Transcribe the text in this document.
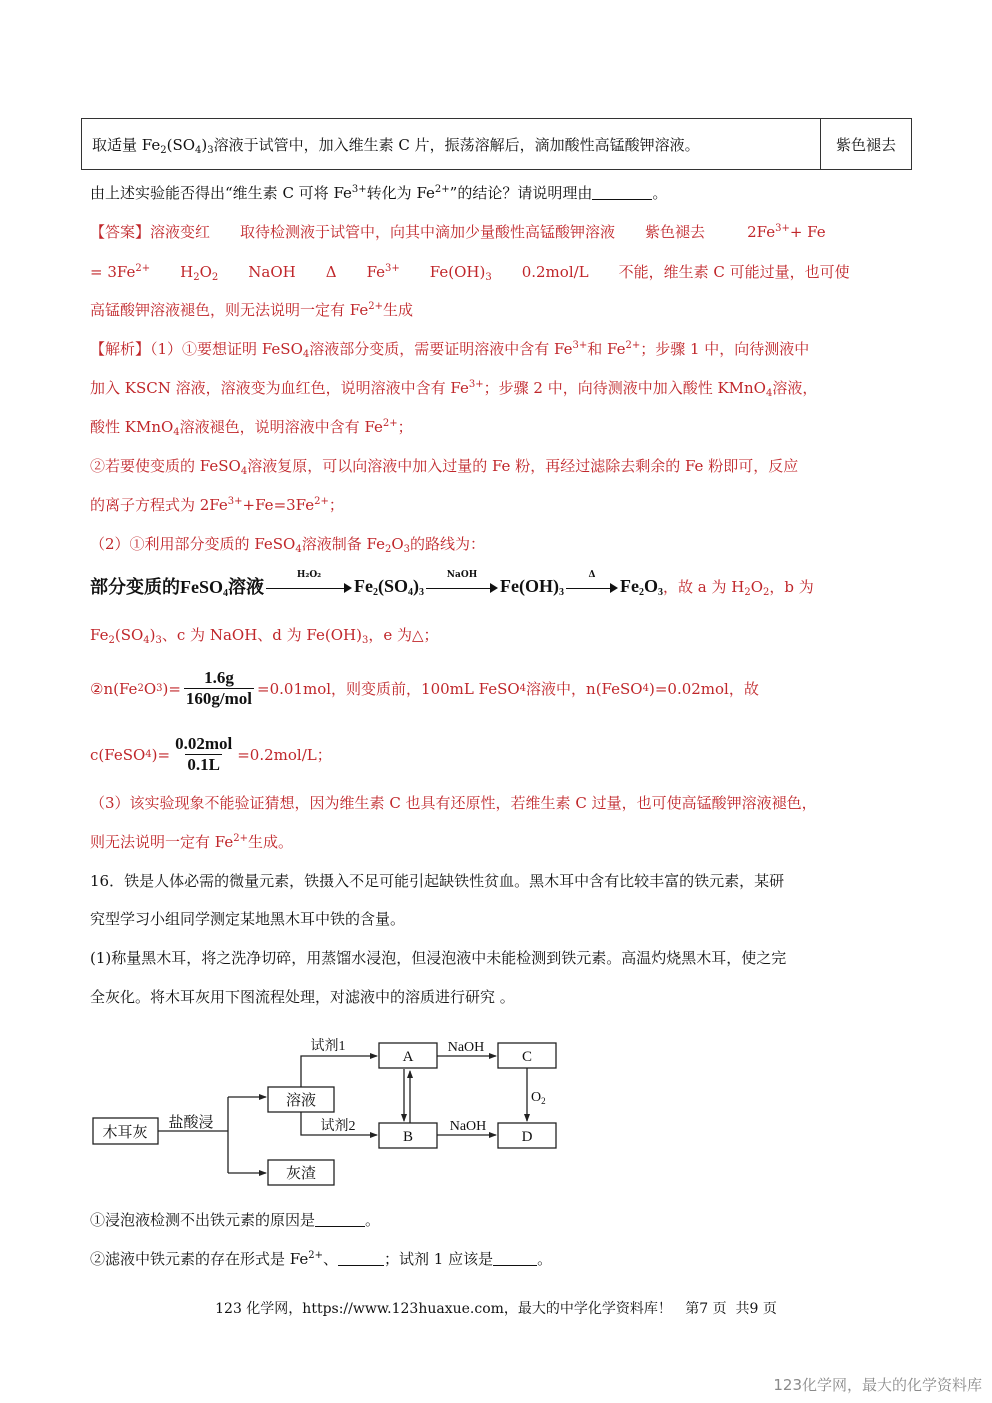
取适量 $Fe_2(SO_4)_3$溶液于试管中，加入维生素 C 片，振荡溶解后，滴加酸性高锰酸钾溶液。	紫色褪去
由上述实验能否得出“维生素 C 可将 $Fe^{3+}$转化为 $Fe^{2+}$”的结论？请说明理由	。
【答案】溶液变红 取待检测液于试管中，向其中滴加少量酸性高锰酸钾溶液 紫色褪去	$2Fe^{3+}+ Fe$
= $3Fe^{2+}$ $H_2O_2$ NaOH Δ $Fe^{3+}$ $Fe(OH)_3$ 0.2mol/L 不能，维生素 C 可能过量，也可使
高锰酸钾溶液褪色，则无法说明一定有 $Fe^{2+}$生成
【解析】（1）①要想证明 FeSO$_4$溶液部分变质，需要证明溶液中含有 $Fe^{3+}$和 $Fe^{2+}$；步骤 1 中，向待测液中
加入 KSCN 溶液，溶液变为血红色，说明溶液中含有 $Fe^{3+}$；步骤 2 中，向待测液中加入酸性 KMnO$_4$溶液，
酸性 KMnO$_4$溶液褪色，说明溶液中含有 $Fe^{2+}$；
②若要使变质的 FeSO$_4$溶液复原，可以向溶液中加入过量的 Fe 粉，再经过滤除去剩余的 Fe 粉即可，反应
的离子方程式为 $2Fe^{3+}+Fe=3Fe^{2+}$；
（2）①利用部分变质的 FeSO$_4$溶液制备 $Fe_2O_3$的路线为：
部分变质的FeSO$_4$溶液
H₂O₂
$Fe_2(SO_4)_3$
NaOH
$Fe(OH)_3$
Δ
$Fe_2O_3$ ，故 a 为 $H_2O_2$，b 为
$Fe_2(SO_4)_3$、c 为 NaOH、d 为 $Fe(OH)_3$，e 为△；
②n(Fe 2 O 3 )= $\frac{1.6g}{\text{160g/mol}} =0.01mol$，则变质前，100mL FeSO 4 溶液中，n(FeSO 4 )=0.02mol，故
c(FeSO 4 )= $\frac{\text{0.02mol}}{0.1L} =0.2mol/L$；
（3）该实验现象不能验证猜想，因为维生素 C 也具有还原性，若维生素 C 过量，也可使高锰酸钾溶液褪色，
则无法说明一定有 $Fe^{2+}$生成。
16．铁是人体必需的微量元素，铁摄入不足可能引起缺铁性贫血。黑木耳中含有比较丰富的铁元素，某研
究型学习小组同学测定某地黑木耳中铁的含量。
(1)称量黑木耳，将之洗净切碎，用蒸馏水浸泡，但浸泡液中未能检测到铁元素。高温灼烧黑木耳，使之完
全灰化。将木耳灰用下图流程处理，对滤液中的溶质进行研究 。
木耳灰
盐酸浸
溶液
灰渣
试剂1
试剂2
A
B
C
D
NaOH
NaOH
$O_2$
①浸泡液检测不出铁元素的原因是	。
②滤液中铁元素的存在形式是 $Fe^{2+}$、	；试剂 1 应该是	。
123 化学网，https://www.123huaxue.com，最大的中学化学资料库！   第7 页  共9 页
123化学网，最大的化学资料库
